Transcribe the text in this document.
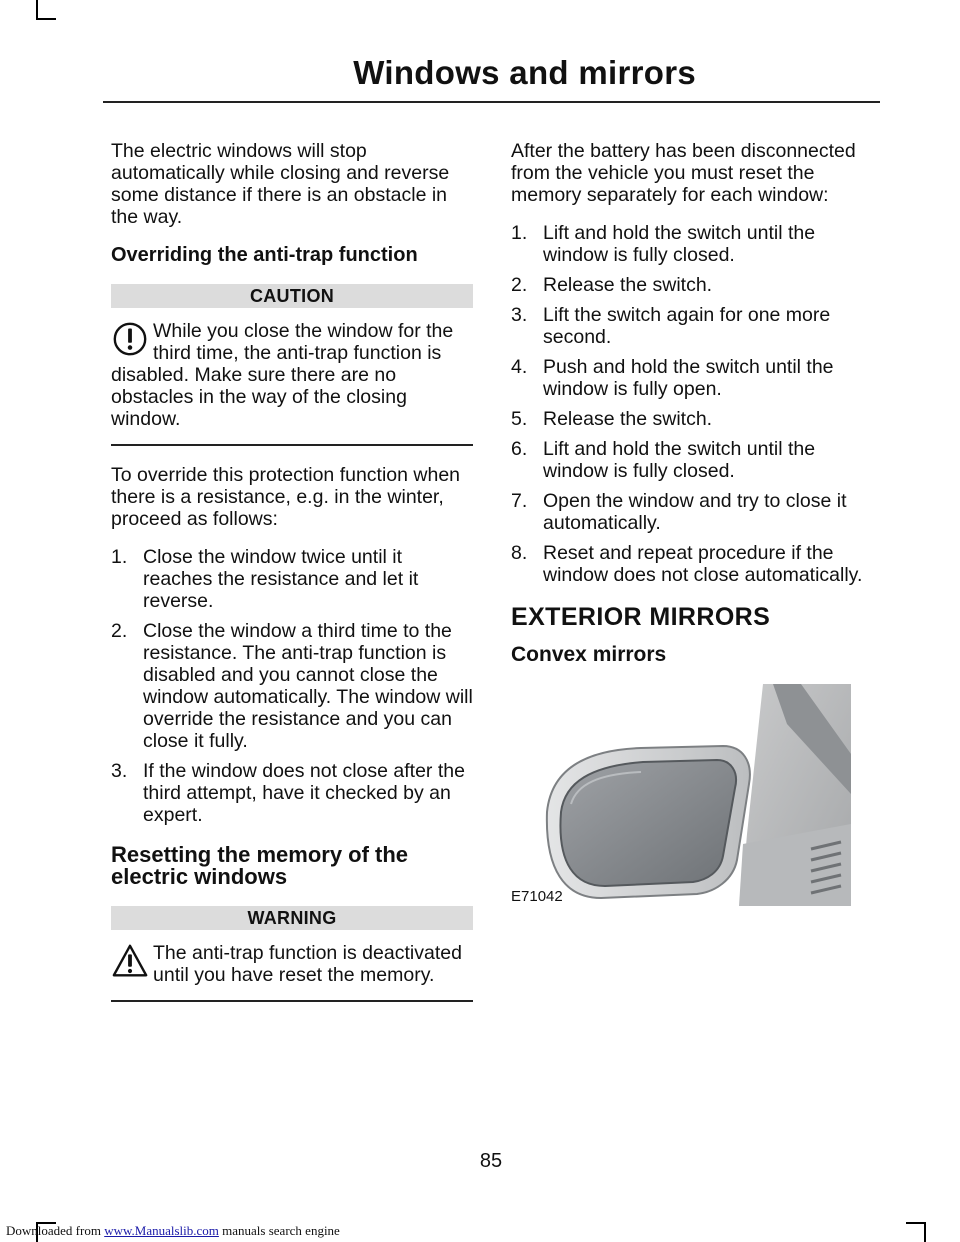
Windows and mirrors

The electric windows will stop automatically while closing and reverse some distance if there is an obstacle in the way.

Overriding the anti-trap function
CAUTION
While you close the window for the third time, the anti-trap function is disabled. Make sure there are no obstacles in the way of the closing window.

To override this protection function when there is a resistance, e.g. in the winter, proceed as follows:

1. Close the window twice until it reaches the resistance and let it reverse.
2. Close the window a third time to the resistance. The anti-trap function is disabled and you cannot close the window automatically. The window will override the resistance and you can close it fully.
3. If the window does not close after the third attempt, have it checked by an expert.
Resetting the memory of the electric windows
WARNING
The anti-trap function is deactivated until you have reset the memory.

After the battery has been disconnected from the vehicle you must reset the memory separately for each window:

1. Lift and hold the switch until the window is fully closed.
2. Release the switch.
3. Lift the switch again for one more second.
4. Push and hold the switch until the window is fully open.
5. Release the switch.
6. Lift and hold the switch until the window is fully closed.
7. Open the window and try to close it automatically.
8. Reset and repeat procedure if the window does not close automatically.
EXTERIOR MIRRORS
Convex mirrors
E71042
85
Downloaded from www.Manualslib.com manuals search engine
